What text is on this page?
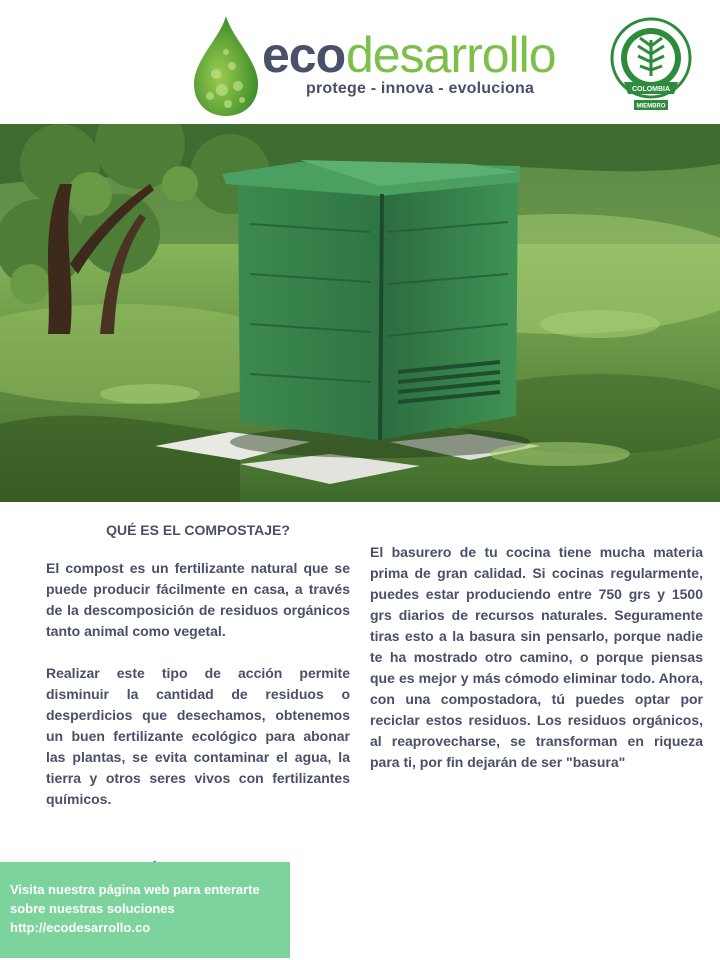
eco desarrollo
protege - innova - evoluciona	COLOMBIA
MIEMBRO
QUÉ ES EL COMPOSTAJE?
El compost es un fertilizante natural que se puede producir fácilmente en casa, a través de la descomposición de residuos orgánicos tanto animal como vegetal.
Realizar este tipo de acción permite disminuir la cantidad de residuos o desperdicios que desechamos, obtenemos un buen fertilizante ecológico para abonar las plantas, se evita contaminar el agua, la tierra y otros seres vivos con fertilizantes químicos.
El basurero de tu cocina tiene mucha materia prima de gran calidad. Si cocinas regularmente, puedes estar produciendo entre 750 grs y 1500 grs diarios de recursos naturales. Seguramente tiras esto a la basura sin pensarlo, porque nadie te ha mostrado otro camino, o porque piensas que es mejor y más cómodo eliminar todo. Ahora, con una compostadora, tú puedes optar por reciclar estos residuos. Los residuos orgánicos, al reaprovecharse, se transforman en riqueza para ti, por fin dejarán de ser "basura"
Visita nuestra página web para enterarte
sobre nuestras soluciones
http://ecodesarrollo.co
